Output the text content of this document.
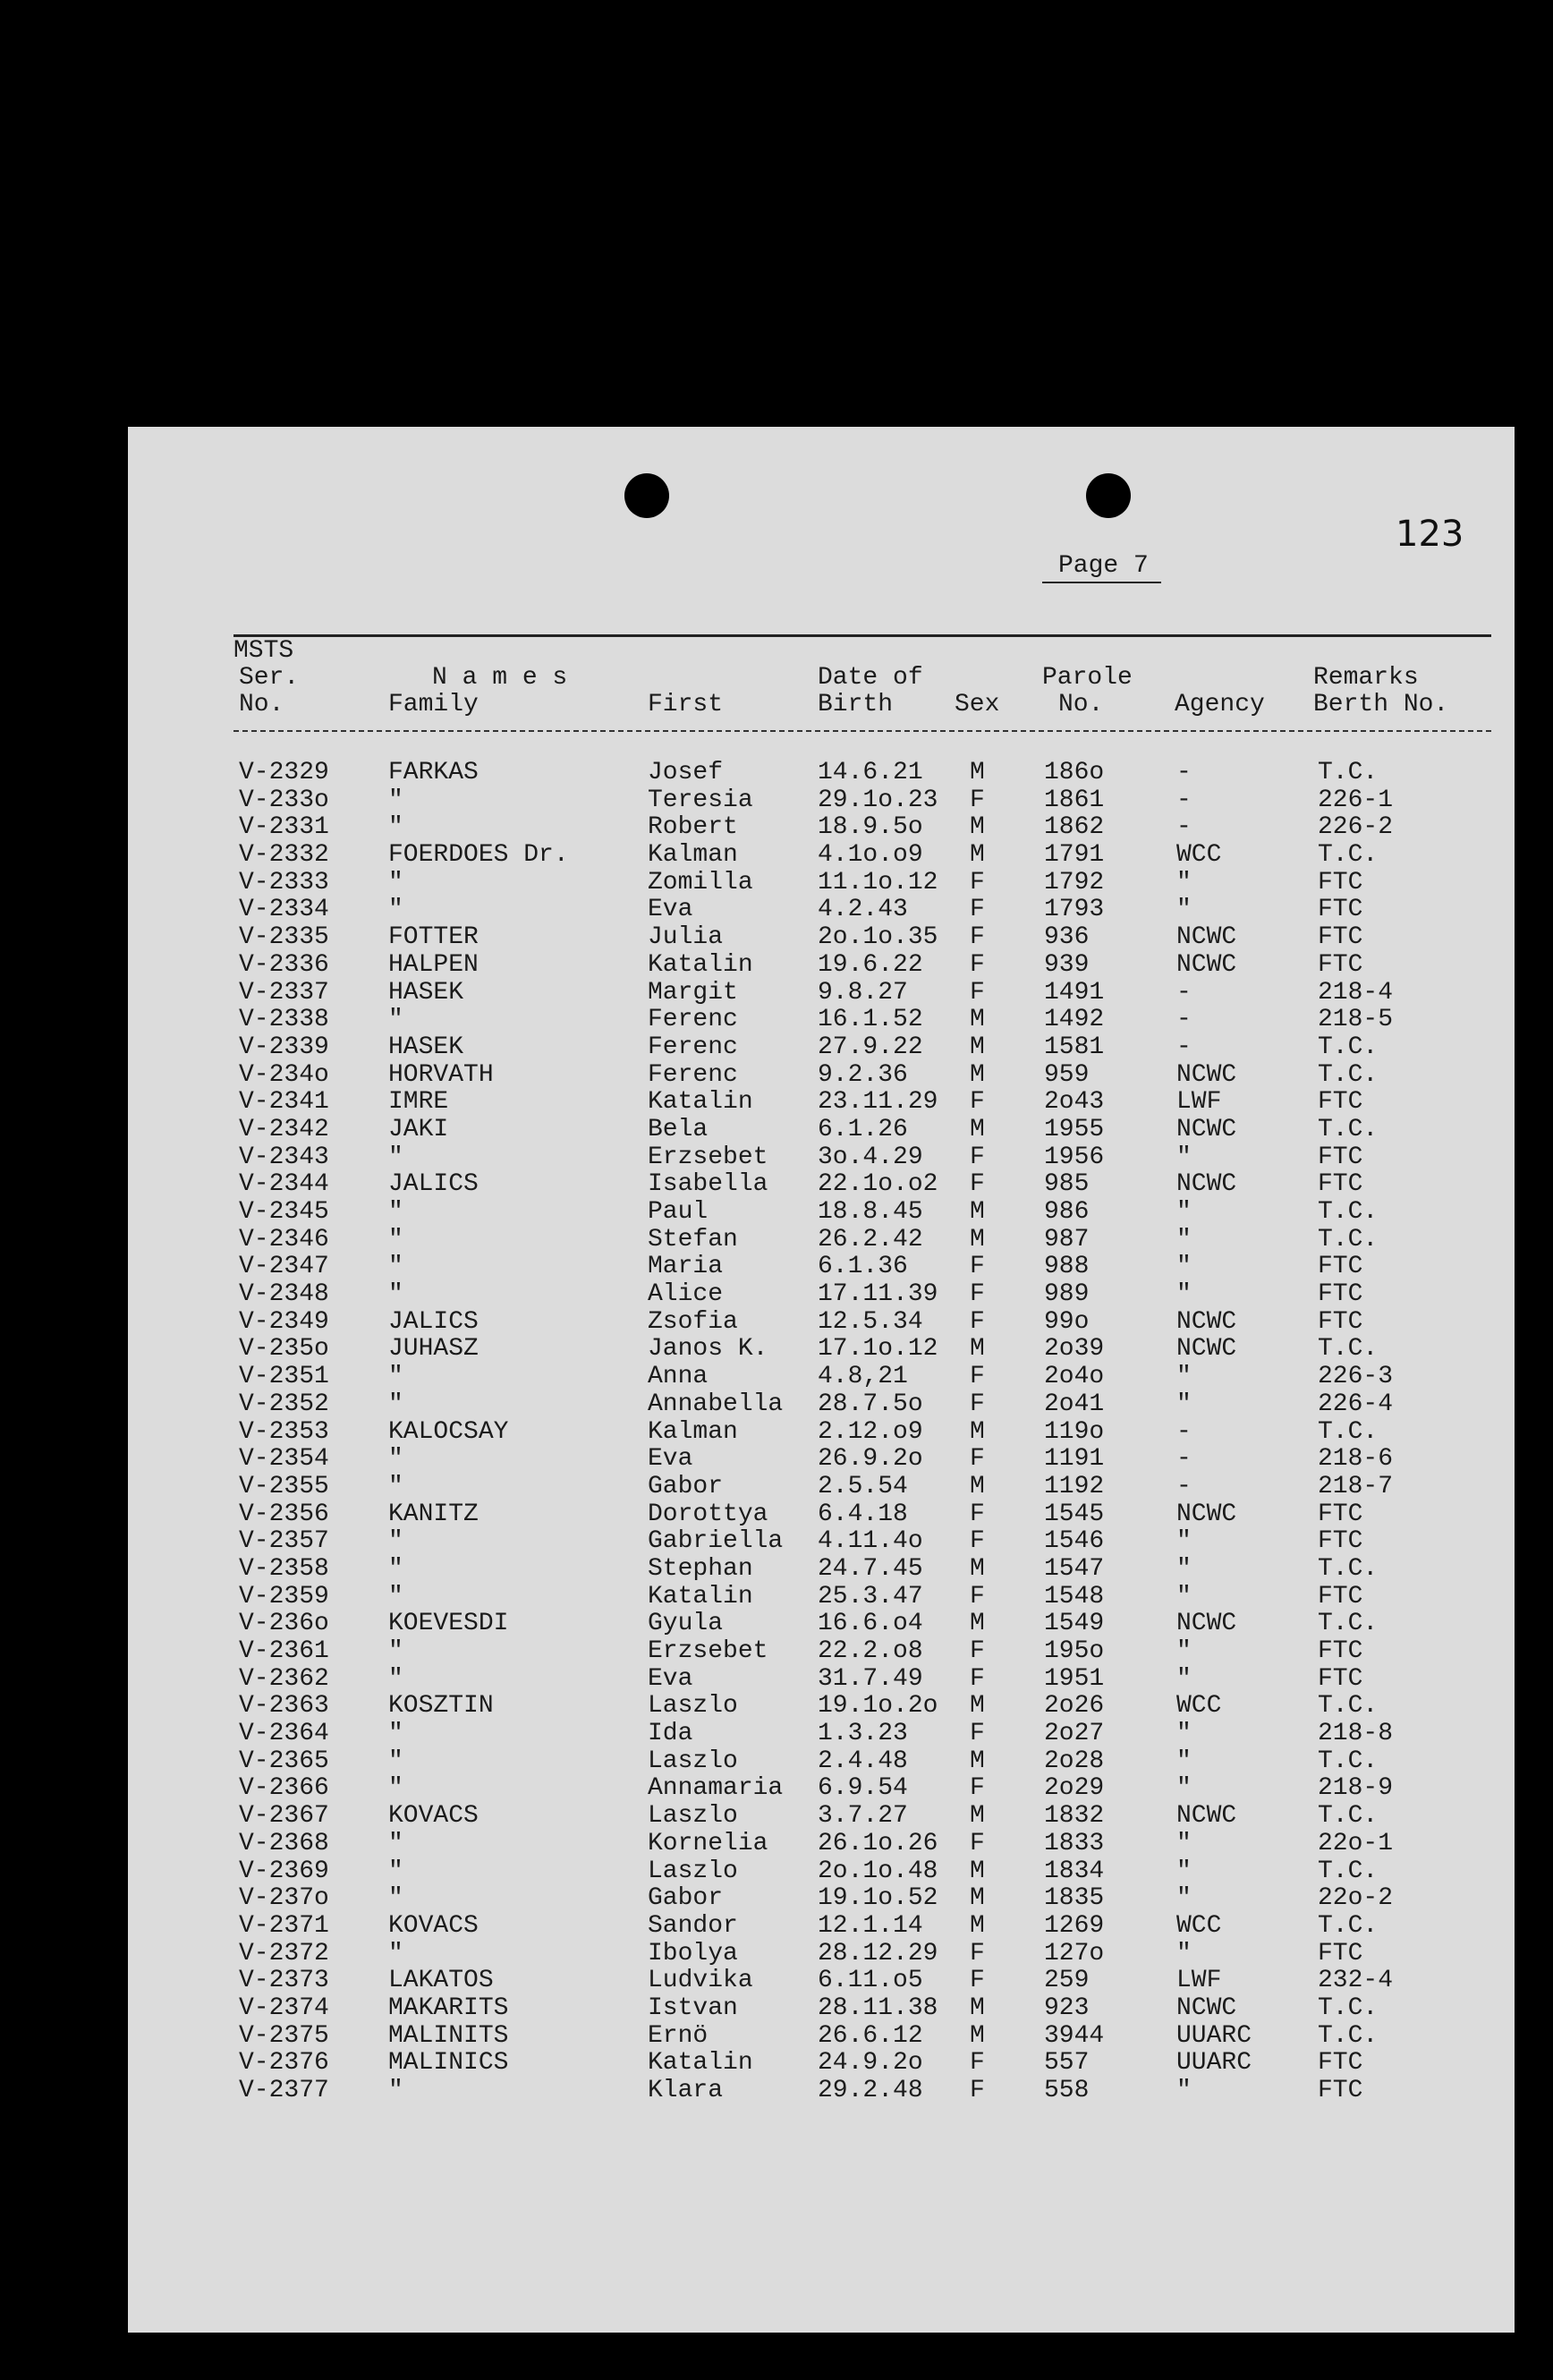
123
Page 7
MSTS
Ser.
No.
N a m e s
Family	First
Date of
Birth Sex
Parole
No.	Agency
Remarks
Berth No.
V-2329 FARKAS	Josef	14.6.21 M 186o	-	T.C.
V-233o "	Teresia	29.1o.23 F 1861	-	226-1
V-2331 "	Robert	18.9.5o M 1862	-	226-2
V-2332 FOERDOES Dr.	Kalman	4.1o.o9 M 1791	WCC	T.C.
V-2333 "	Zomilla	11.1o.12 F 1792	"	FTC
V-2334 "	Eva	4.2.43 F 1793	"	FTC
V-2335 FOTTER	Julia	2o.1o.35 F 936	NCWC	FTC
V-2336 HALPEN	Katalin	19.6.22 F 939	NCWC	FTC
V-2337 HASEK	Margit	9.8.27 F 1491	-	218-4
V-2338 "	Ferenc	16.1.52 M 1492	-	218-5
V-2339 HASEK	Ferenc	27.9.22 M 1581	-	T.C.
V-234o HORVATH	Ferenc	9.2.36 M 959	NCWC	T.C.
V-2341 IMRE	Katalin	23.11.29 F 2o43	LWF	FTC
V-2342 JAKI	Bela	6.1.26 M 1955	NCWC	T.C.
V-2343 "	Erzsebet 3o.4.29 F 1956	"	FTC
V-2344 JALICS	Isabella 22.1o.o2 F 985	NCWC	FTC
V-2345 "	Paul	18.8.45 M 986	"	T.C.
V-2346 "	Stefan	26.2.42 M 987	"	T.C.
V-2347 "	Maria	6.1.36 F 988	"	FTC
V-2348 "	Alice	17.11.39 F 989	"	FTC
V-2349 JALICS	Zsofia	12.5.34 F 99o	NCWC	FTC
V-235o JUHASZ	Janos K. 17.1o.12 M 2o39	NCWC	T.C.
V-2351 "	Anna	4.8,21 F 2o4o	"	226-3
V-2352 "	Annabella 28.7.5o F 2o41	"	226-4
V-2353 KALOCSAY	Kalman	2.12.o9 M 119o	-	T.C.
V-2354 "	Eva	26.9.2o F 1191	-	218-6
V-2355 "	Gabor	2.5.54 M 1192	-	218-7
V-2356 KANITZ	Dorottya 6.4.18 F 1545	NCWC	FTC
V-2357 "	Gabriella 4.11.4o F 1546	"	FTC
V-2358 "	Stephan	24.7.45 M 1547	"	T.C.
V-2359 "	Katalin	25.3.47 F 1548	"	FTC
V-236o KOEVESDI	Gyula	16.6.o4 M 1549	NCWC	T.C.
V-2361 "	Erzsebet 22.2.o8 F 195o	"	FTC
V-2362 "	Eva	31.7.49 F 1951	"	FTC
V-2363 KOSZTIN	Laszlo	19.1o.2o M 2o26	WCC	T.C.
V-2364 "	Ida	1.3.23 F 2o27	"	218-8
V-2365 "	Laszlo	2.4.48 M 2o28	"	T.C.
V-2366 "	Annamaria 6.9.54 F 2o29	"	218-9
V-2367 KOVACS	Laszlo	3.7.27 M 1832	NCWC	T.C.
V-2368 "	Kornelia 26.1o.26 F 1833	"	22o-1
V-2369 "	Laszlo	2o.1o.48 M 1834	"	T.C.
V-237o "	Gabor	19.1o.52 M 1835	"	22o-2
V-2371 KOVACS	Sandor	12.1.14 M 1269	WCC	T.C.
V-2372 "	Ibolya	28.12.29 F 127o	"	FTC
V-2373 LAKATOS	Ludvika	6.11.o5 F 259	LWF	232-4
V-2374 MAKARITS	Istvan	28.11.38 M 923	NCWC	T.C.
V-2375 MALINITS	Ernö	26.6.12 M 3944	UUARC	T.C.
V-2376 MALINICS	Katalin	24.9.2o F 557	UUARC	FTC
V-2377 "	Klara	29.2.48 F 558	"	FTC
